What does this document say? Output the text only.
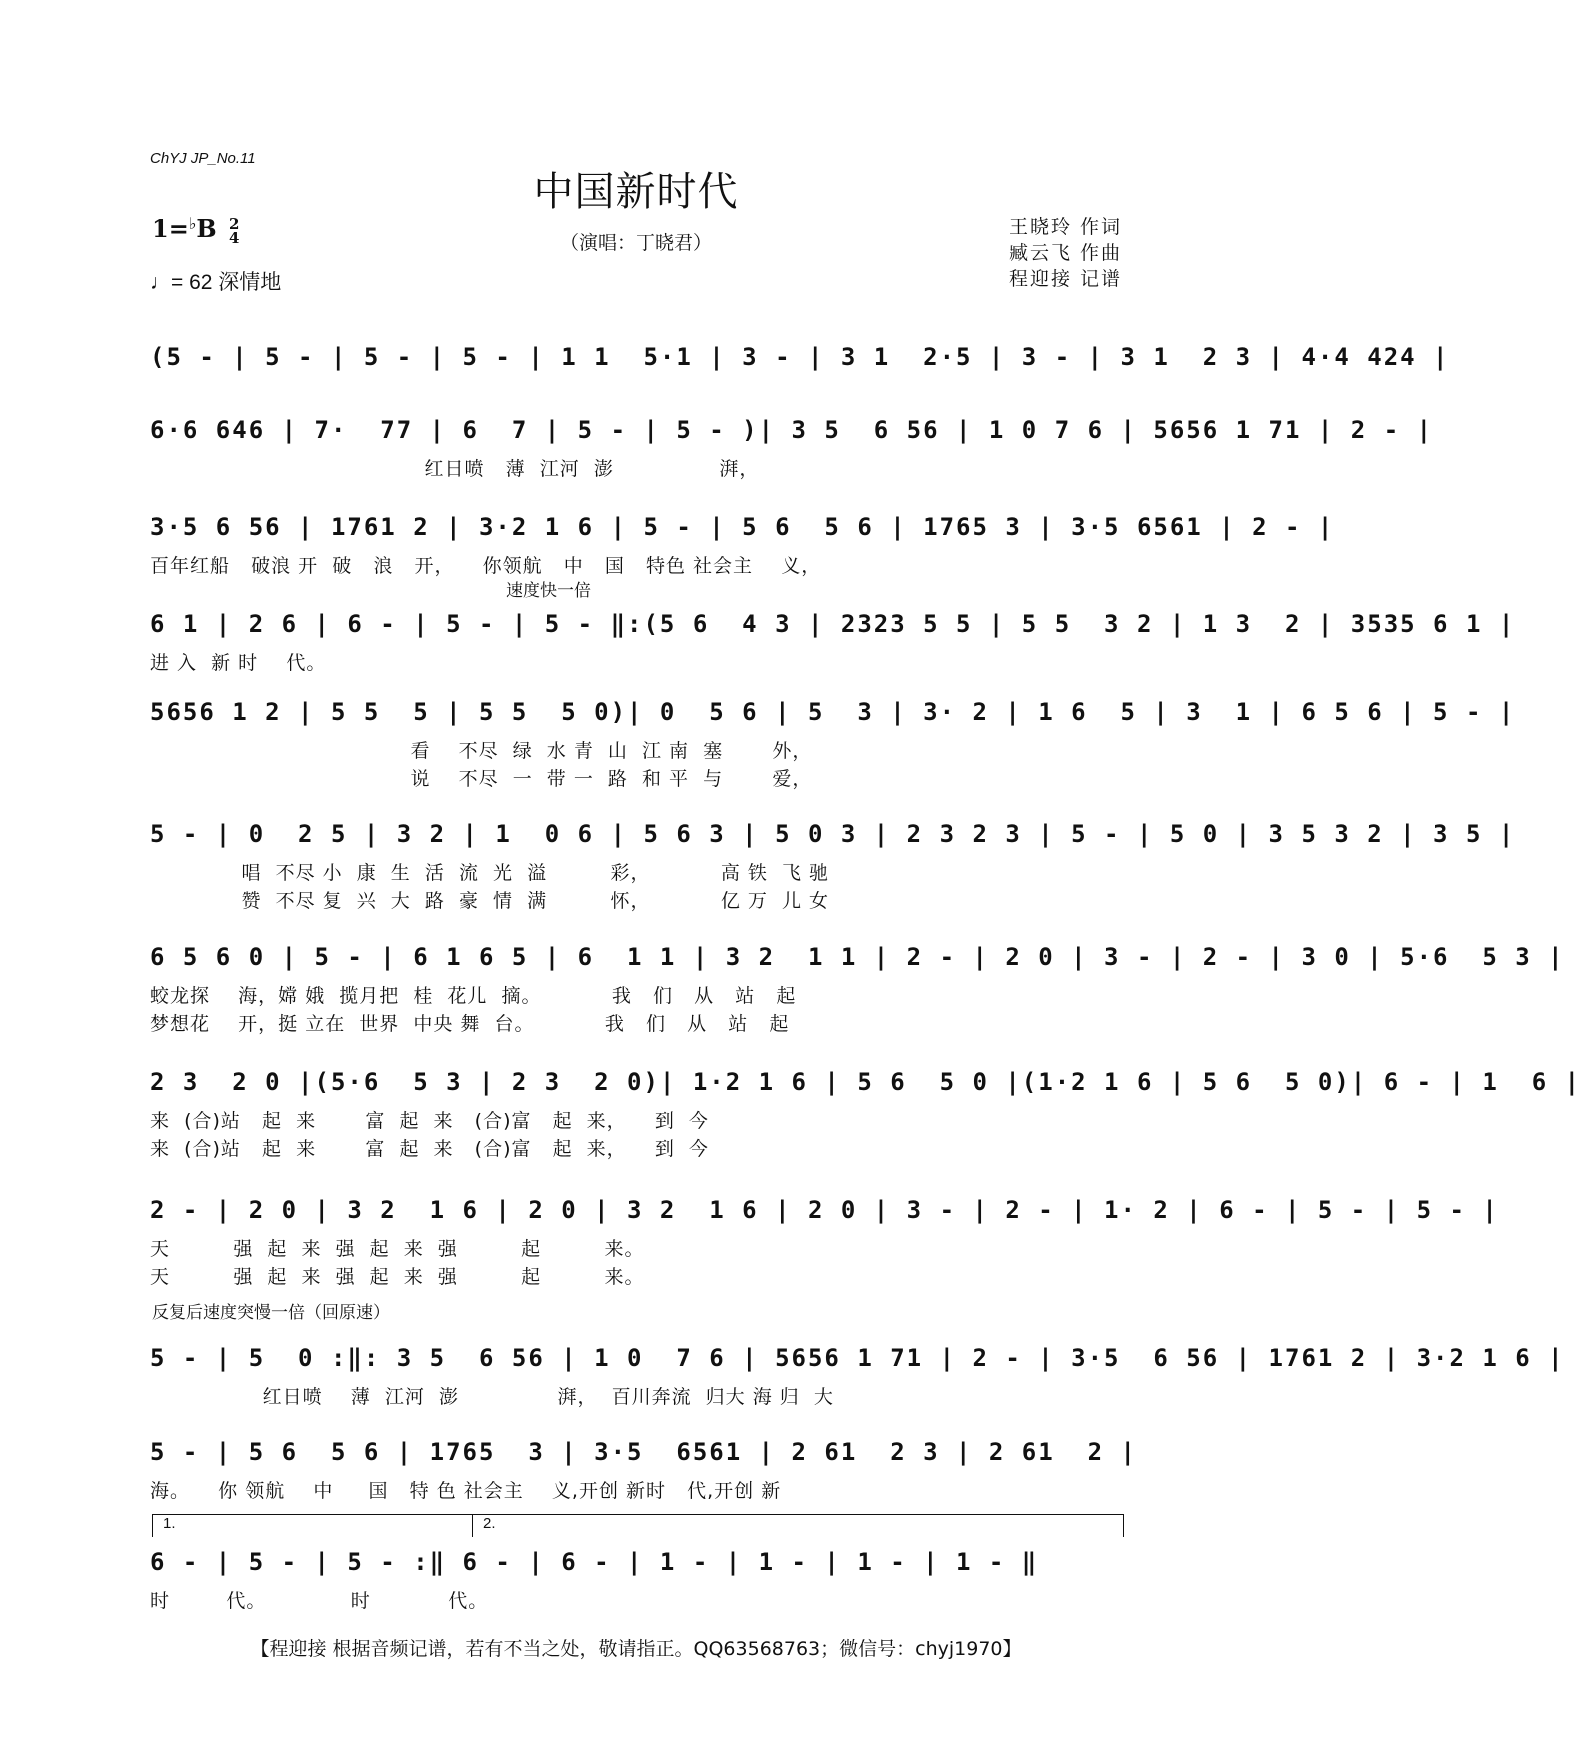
ChYJ JP_No.11
中国新时代
（演唱：丁晓君）
1=♭B 2
4
♩= 62 深情地
王晓玲 作词
臧云飞 作曲
程迎接 记谱
(5 - | 5 - | 5 - | 5 - | 1 1  5·1 | 3 - | 3 1  2·5 | 3 - | 3 1  2 3 | 4·4 424 |
6·6 646 | 7·  77 | 6  7 | 5 - | 5 - )| 3 5  6 56 | 1 0 7 6 | 5656 1 71 | 2 - |
红日喷   薄  江河  澎               湃，
3·5 6 56 | 1761 2 | 3·2 1 6 | 5 - | 5 6  5 6 | 1765 3 | 3·5 6561 | 2 - |
百年红船   破浪 开  破   浪   开，    你领航   中   国   特色 社会主    义，
速度快一倍
6 1 | 2 6 | 6 - | 5 - | 5 - ‖:(5 6  4 3 | 2323 5 5 | 5 5  3 2 | 1 3  2 | 3535 6 1 |
进 入  新 时    代。
5656 1 2 | 5 5  5 | 5 5  5 0)| 0  5 6 | 5  3 | 3· 2 | 1 6  5 | 3  1 | 6 5 6 | 5 - |
看    不尽  绿  水 青  山  江 南  塞       外，
说    不尽  一  带 一  路  和 平  与       爱，
5 - | 0  2 5 | 3 2 | 1  0 6 | 5 6 3 | 5 0 3 | 2 3 2 3 | 5 - | 5 0 | 3 5 3 2 | 3 5 |
唱  不尽 小  康  生  活  流  光  溢         彩，          高 铁  飞 驰
赞  不尽 复  兴  大  路  豪  情  满         怀，          亿 万  儿 女
6 5 6 0 | 5 - | 6 1 6 5 | 6  1 1 | 3 2  1 1 | 2 - | 2 0 | 3 - | 2 - | 3 0 | 5·6  5 3 |
蛟龙探    海，嫦 娥  揽月把  桂  花儿  摘。          我   们   从   站   起
梦想花    开，挺 立在  世界  中央 舞  台。          我   们   从   站   起
2 3  2 0 |(5·6  5 3 | 2 3  2 0)| 1·2 1 6 | 5 6  5 0 |(1·2 1 6 | 5 6  5 0)| 6 - | 1  6 |
来  (合)站   起  来       富  起  来   (合)富   起  来，    到  今
来  (合)站   起  来       富  起  来   (合)富   起  来，    到  今
2 - | 2 0 | 3 2  1 6 | 2 0 | 3 2  1 6 | 2 0 | 3 - | 2 - | 1· 2 | 6 - | 5 - | 5 - |
天         强  起  来  强  起  来  强         起         来。
天         强  起  来  强  起  来  强         起         来。
反复后速度突慢一倍（回原速）
5 - | 5  0 :‖: 3 5  6 56 | 1 0  7 6 | 5656 1 71 | 2 - | 3·5  6 56 | 1761 2 | 3·2 1 6 |
红日喷    薄  江河  澎              湃，  百川奔流  归大 海 归  大
5 - | 5 6  5 6 | 1765  3 | 3·5  6561 | 2 61  2 3 | 2 61  2 |
海。    你 领航    中     国   特 色 社会主    义,开创 新时   代,开创 新
1.	2.
6 - | 5 - | 5 - :‖ 6 - | 6 - | 1 - | 1 - | 1 - | 1 - ‖
时        代。            时           代。
【程迎接 根据音频记谱，若有不当之处，敬请指正。QQ63568763；微信号：chyj1970】
